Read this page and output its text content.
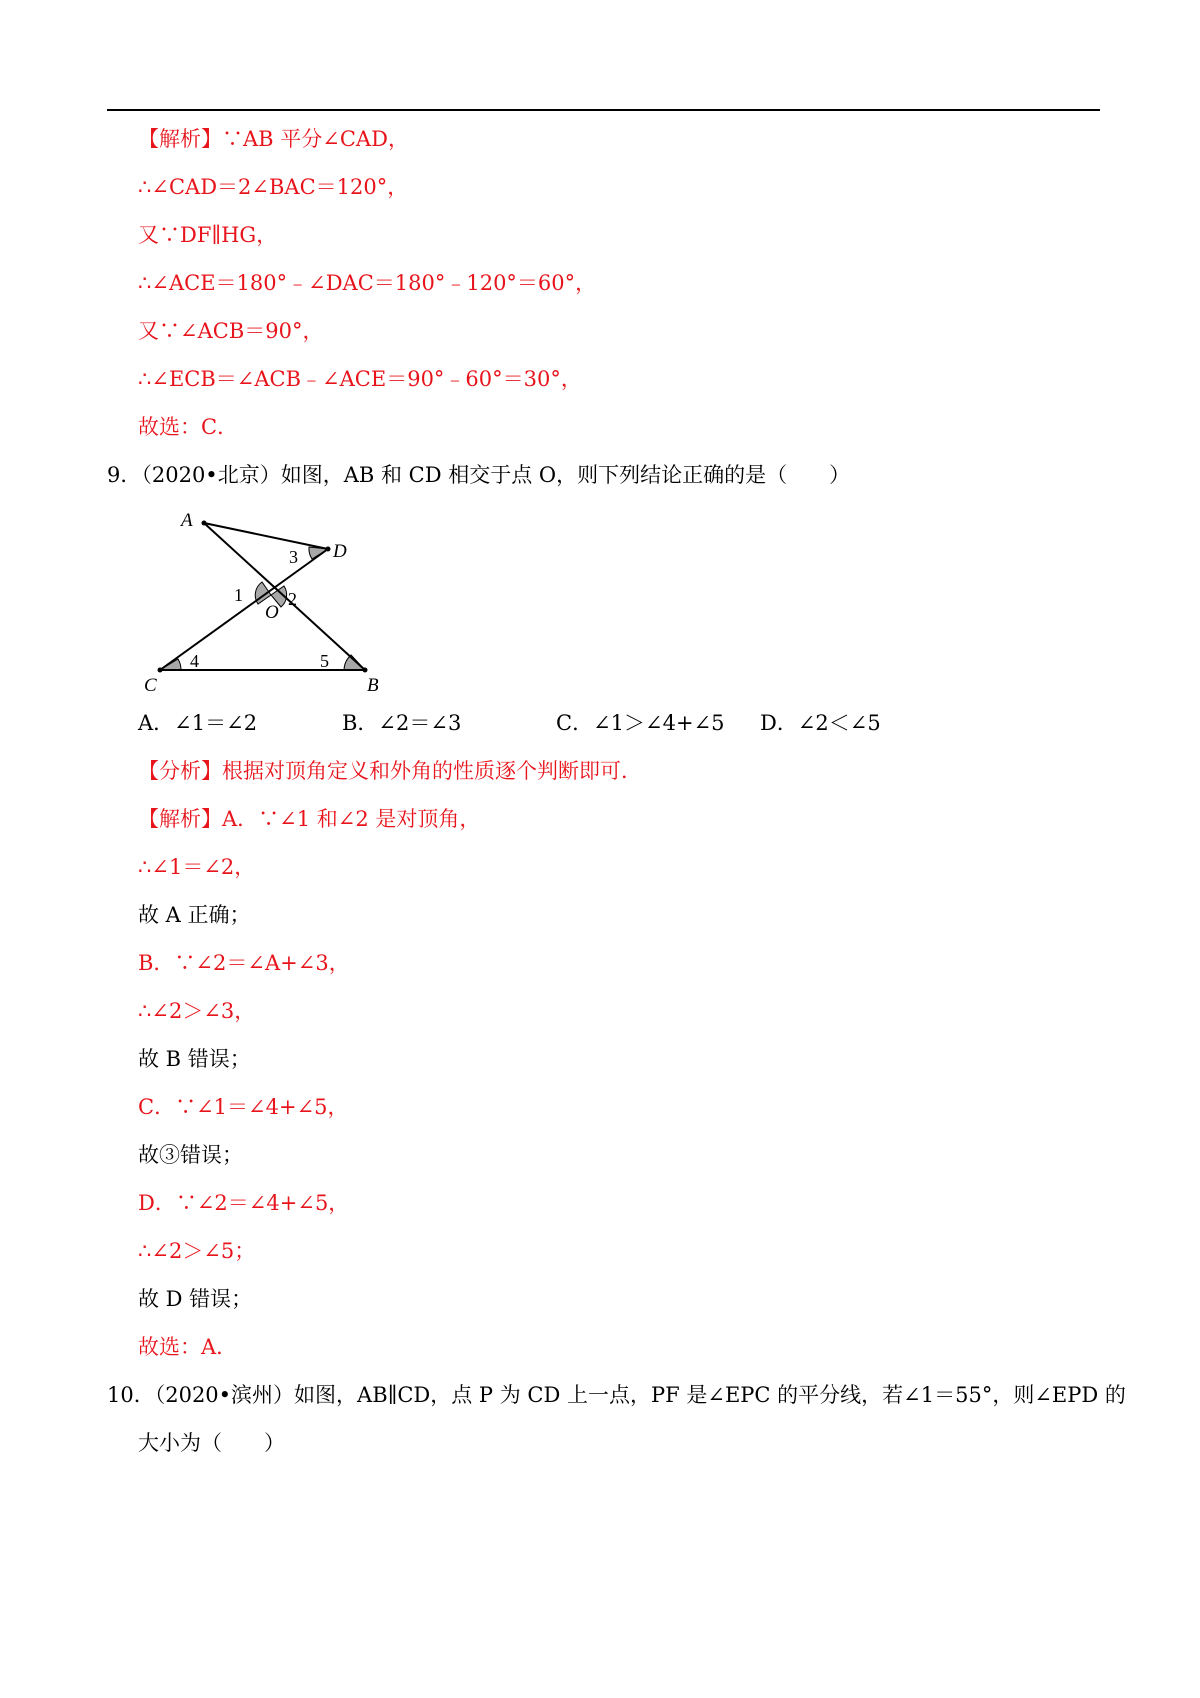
【解析】∵AB 平分∠CAD，
∴∠CAD＝2∠BAC＝120°，
又∵DF∥HG，
∴∠ACE＝180°﹣∠DAC＝180°﹣120°＝60°，
又∵∠ACB＝90°，
∴∠ECB＝∠ACB﹣∠ACE＝90°﹣60°＝30°，
故选：C．
9．（2020•北京）如图，AB 和 CD 相交于点 O，则下列结论正确的是（　　）
A
D
C	B
O
1	2
3
4	5
A．∠1＝∠2	B．∠2＝∠3	C．∠1＞∠4+∠5 D．∠2＜∠5
【分析】根据对顶角定义和外角的性质逐个判断即可．
【解析】A．∵∠1 和∠2 是对顶角，
∴∠1＝∠2，
故 A 正确；
B．∵∠2＝∠A+∠3，
∴∠2＞∠3，
故 B 错误；
C．∵∠1＝∠4+∠5，
故③错误；
D．∵∠2＝∠4+∠5，
∴∠2＞∠5；
故 D 错误；
故选：A．
10．（2020•滨州）如图，AB∥CD，点 P 为 CD 上一点，PF 是∠EPC 的平分线，若∠1＝55°，则∠EPD 的
大小为（　　）
